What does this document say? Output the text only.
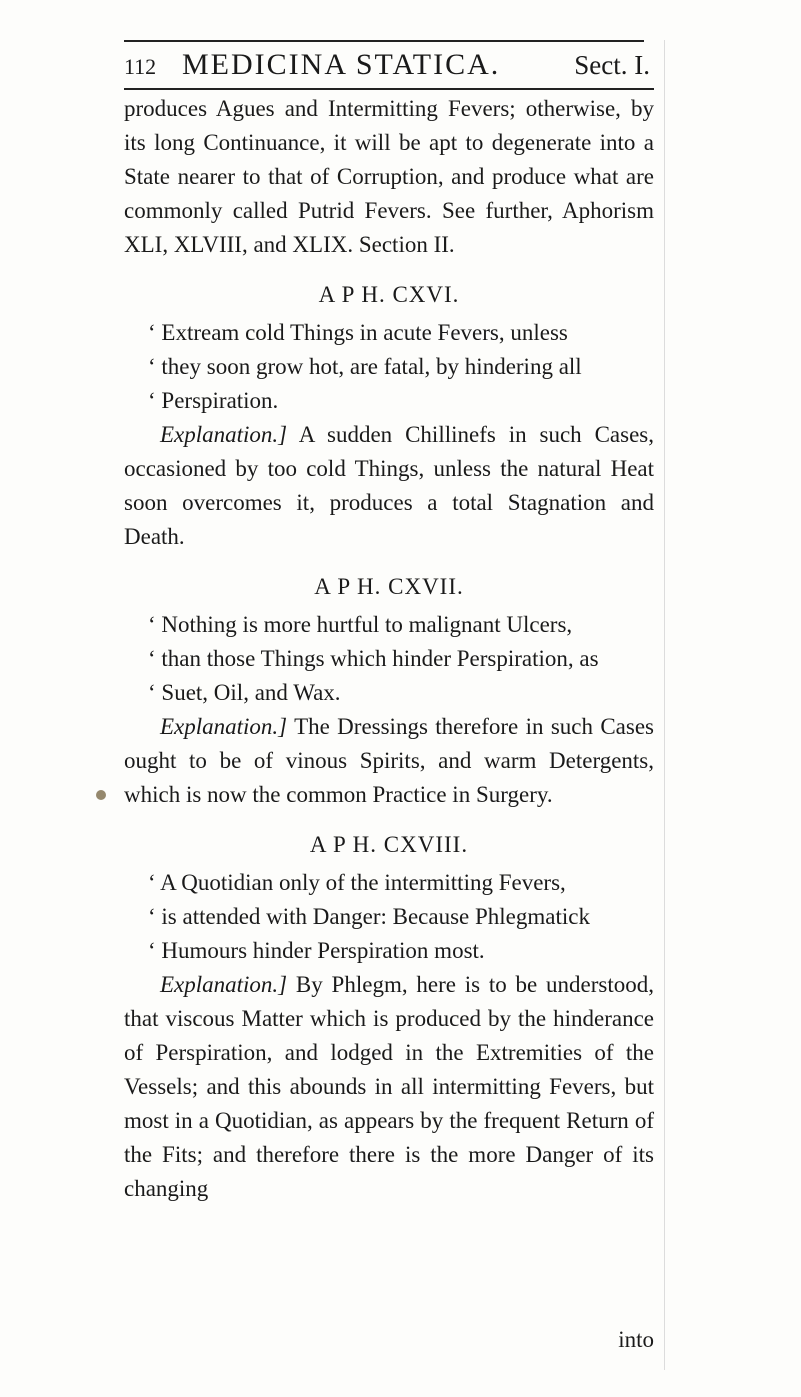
112 MEDICINA STATICA.	Sect. I.

produces Agues and Intermitting Fevers; otherwise, by its long Continuance, it will be apt to degenerate into a State nearer to that of Corruption, and produce what are commonly called Putrid Fevers. See further, Aphorism XLI, XLVIII, and XLIX. Section II.

A P H. CXVI.

‘ Extream cold Things in acute Fevers, unless
‘ they soon grow hot, are fatal, by hindering all
‘ Perspiration.

Explanation.] A sudden Chillinefs in such Cases, occasioned by too cold Things, unless the natural Heat soon overcomes it, produces a total Stagnation and Death.

A P H. CXVII.

‘ Nothing is more hurtful to malignant Ulcers,
‘ than those Things which hinder Perspiration, as
‘ Suet, Oil, and Wax.

Explanation.] The Dressings therefore in such Cases ought to be of vinous Spirits, and warm Detergents, which is now the common Practice in Surgery.

A P H. CXVIII.

‘ A Quotidian only of the intermitting Fevers,
‘ is attended with Danger: Because Phlegmatick
‘ Humours hinder Perspiration most.

Explanation.] By Phlegm, here is to be understood, that viscous Matter which is produced by the hinderance of Perspiration, and lodged in the Extremities of the Vessels; and this abounds in all intermitting Fevers, but most in a Quotidian, as appears by the frequent Return of the Fits; and therefore there is the more Danger of its changing

into
